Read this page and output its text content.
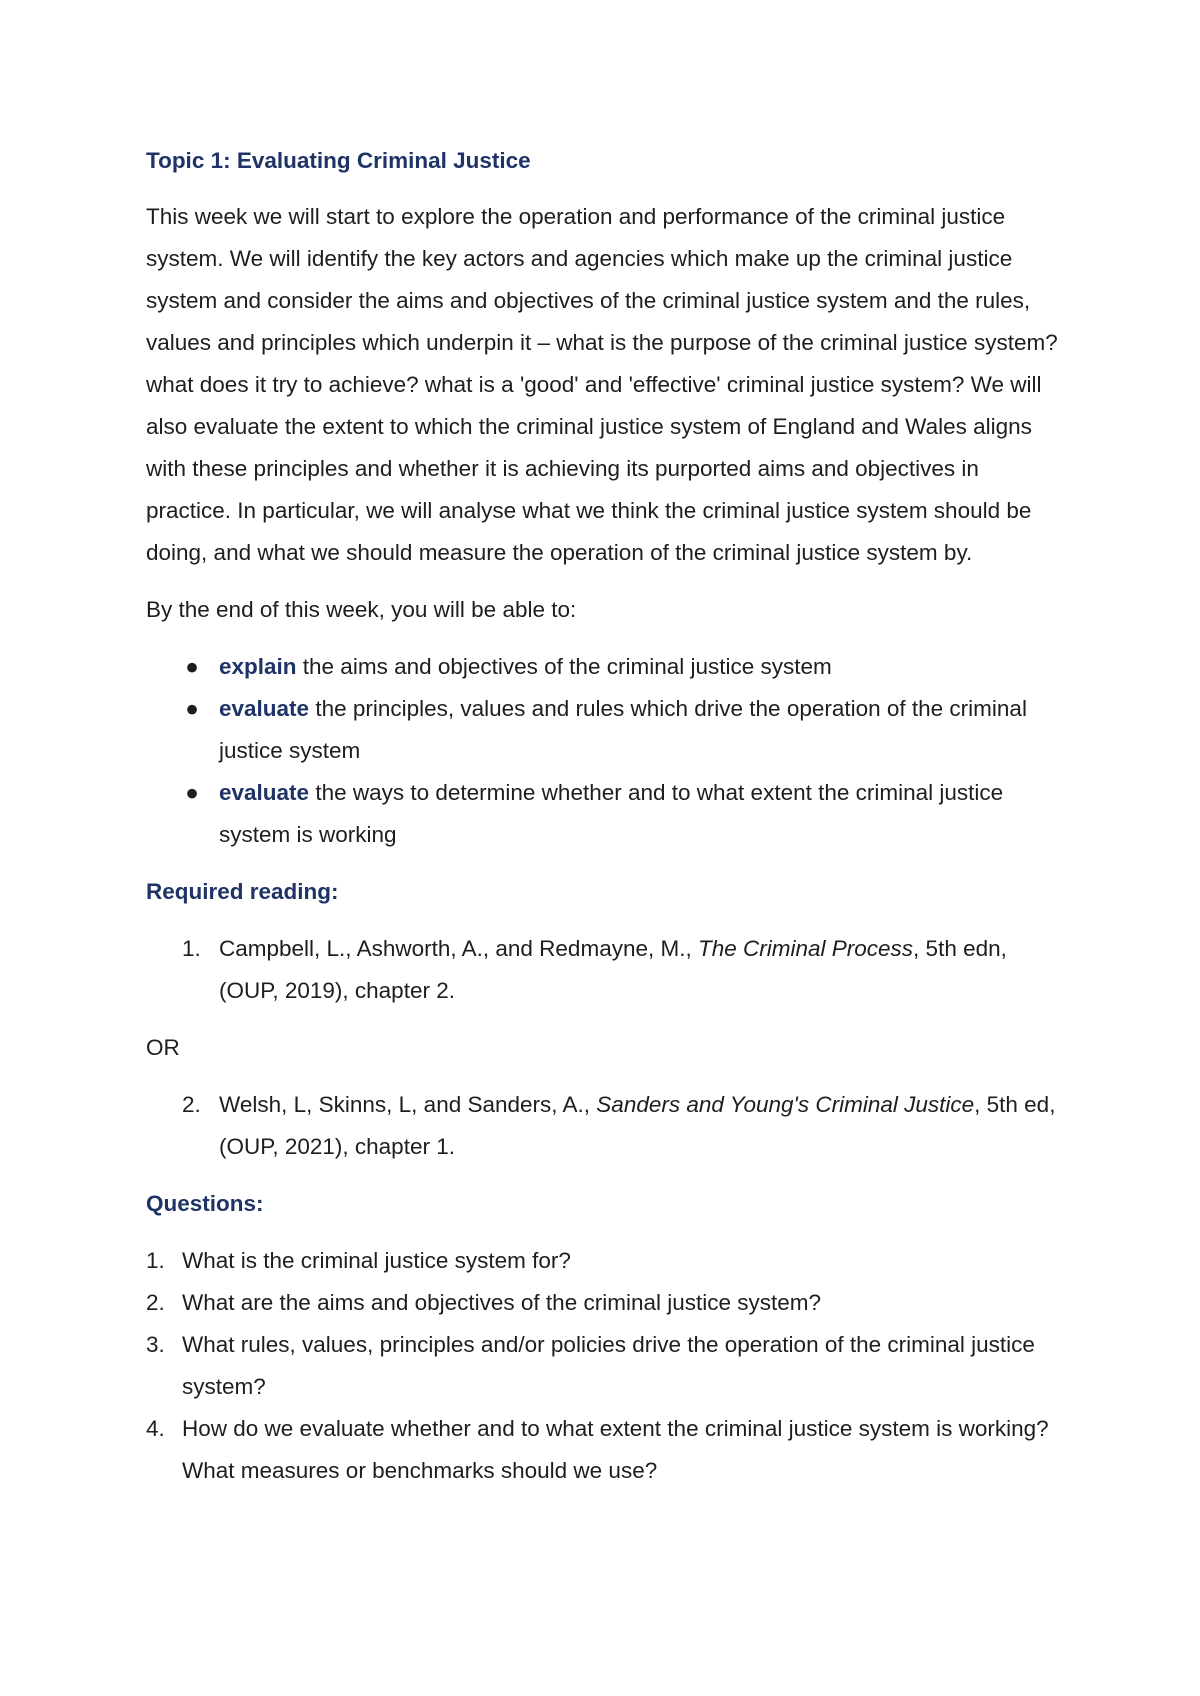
Topic 1: Evaluating Criminal Justice

This week we will start to explore the operation and performance of the criminal justice system. We will identify the key actors and agencies which make up the criminal justice system and consider the aims and objectives of the criminal justice system and the rules, values and principles which underpin it – what is the purpose of the criminal justice system? what does it try to achieve? what is a 'good' and 'effective' criminal justice system? We will also evaluate the extent to which the criminal justice system of England and Wales aligns with these principles and whether it is achieving its purported aims and objectives in practice. In particular, we will analyse what we think the criminal justice system should be doing, and what we should measure the operation of the criminal justice system by.

By the end of this week, you will be able to:

● explain the aims and objectives of the criminal justice system
● evaluate the principles, values and rules which drive the operation of the criminal justice system
● evaluate the ways to determine whether and to what extent the criminal justice system is working

Required reading:

1. Campbell, L., Ashworth, A., and Redmayne, M., The Criminal Process, 5th edn, (OUP, 2019), chapter 2.

OR

2. Welsh, L, Skinns, L, and Sanders, A., Sanders and Young's Criminal Justice, 5th ed, (OUP, 2021), chapter 1.

Questions:

1. What is the criminal justice system for?
2. What are the aims and objectives of the criminal justice system?
3. What rules, values, principles and/or policies drive the operation of the criminal justice system?
4. How do we evaluate whether and to what extent the criminal justice system is working? What measures or benchmarks should we use?
